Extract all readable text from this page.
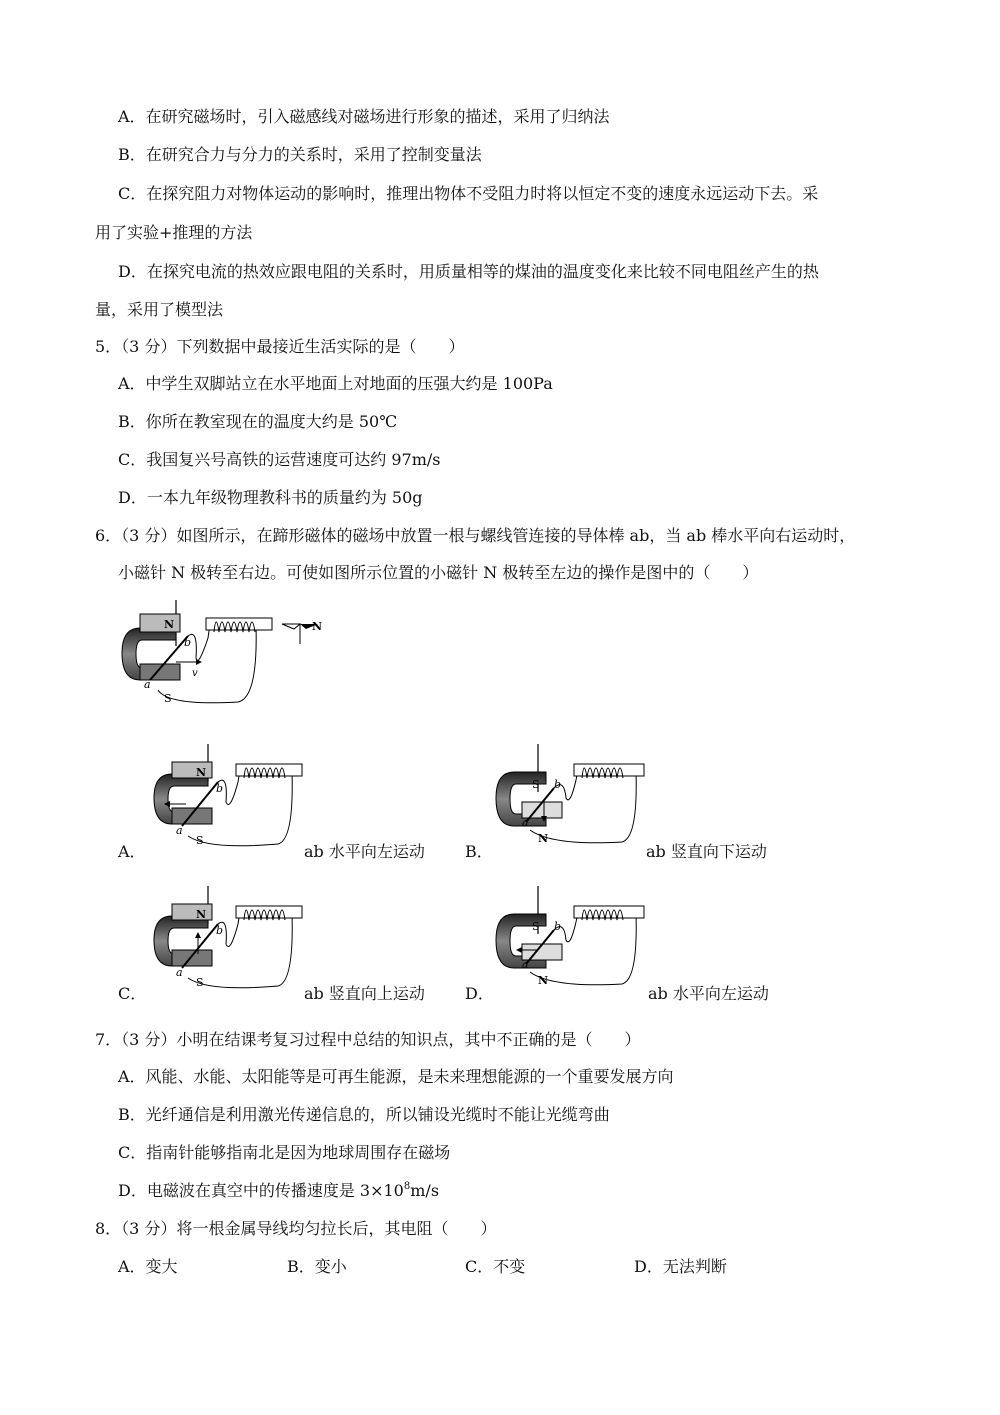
A．在研究磁场时，引入磁感线对磁场进行形象的描述，采用了归纳法
B．在研究合力与分力的关系时，采用了控制变量法
C．在探究阻力对物体运动的影响时，推理出物体不受阻力时将以恒定不变的速度永远运动下去。采
用了实验+推理的方法
D．在探究电流的热效应跟电阻的关系时，用质量相等的煤油的温度变化来比较不同电阻丝产生的热
量，采用了模型法
5．（3 分）下列数据中最接近生活实际的是（　　）
A．中学生双脚站立在水平地面上对地面的压强大约是 100Pa
B．你所在教室现在的温度大约是 50℃
C．我国复兴号高铁的运营速度可达约 97m/s
D．一本九年级物理教科书的质量约为 50g
6．（3 分）如图所示，在蹄形磁体的磁场中放置一根与螺线管连接的导体棒 ab，当 ab 棒水平向右运动时，
小磁针 N 极转至右边。可使如图所示位置的小磁针 N 极转至左边的操作是图中的（　　）
N
S
b
a
v
N
N
S
b
a
S
N
b
a
N
S
b
a
S
N
b
a
A．	ab 水平向左运动	B．	ab 竖直向下运动
C．	ab 竖直向上运动	D．	ab 水平向左运动
7．（3 分）小明在结课考复习过程中总结的知识点，其中不正确的是（　　）
A．风能、水能、太阳能等是可再生能源，是未来理想能源的一个重要发展方向
B．光纤通信是利用激光传递信息的，所以铺设光缆时不能让光缆弯曲
C．指南针能够指南北是因为地球周围存在磁场
D．电磁波在真空中的传播速度是 $3\times 10^8m/s$
8．（3 分）将一根金属导线均匀拉长后，其电阻（　　）
A．变大	B．变小	C．不变	D．无法判断
